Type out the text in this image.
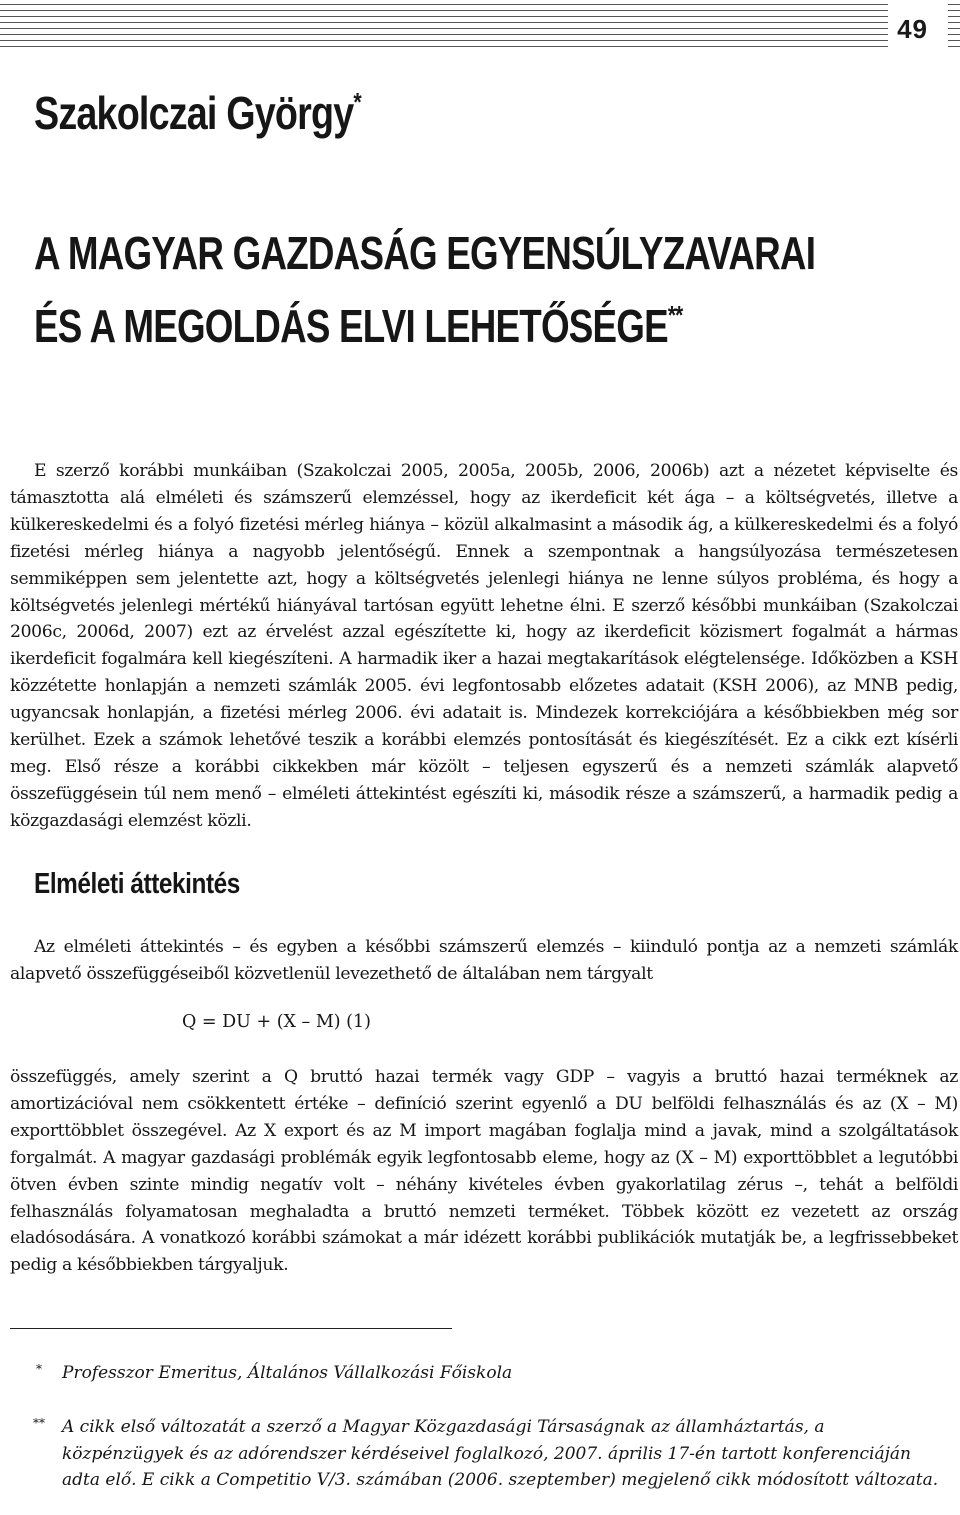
49
Szakolczai György*
A MAGYAR GAZDASÁG EGYENSÚLYZAVARAI
ÉS A MEGOLDÁS ELVI LEHETŐSÉGE**

E szerző korábbi munkáiban (Szakolczai 2005, 2005a, 2005b, 2006, 2006b) azt a nézetet képviselte és támasztotta alá elméleti és számszerű elemzéssel, hogy az ikerdeficit két ága – a költségvetés, illetve a külkereskedelmi és a folyó fizetési mérleg hiánya – közül alkalmasint a második ág, a külkereskedelmi és a folyó fizetési mérleg hiánya a nagyobb jelentőségű. Ennek a szempontnak a hangsúlyozása természetesen semmiképpen sem jelentette azt, hogy a költségvetés jelenlegi hiánya ne lenne súlyos probléma, és hogy a költségvetés jelenlegi mértékű hiányával tartósan együtt lehetne élni. E szerző későbbi munkáiban (Szakolczai 2006c, 2006d, 2007) ezt az érvelést azzal egészítette ki, hogy az ikerdeficit közismert fogalmát a hármas ikerdeficit fogalmára kell kiegészíteni. A harmadik iker a hazai megtakarítások elégtelensége. Időközben a KSH közzétette honlapján a nemzeti számlák 2005. évi legfontosabb előzetes adatait (KSH 2006), az MNB pedig, ugyancsak honlapján, a fizetési mérleg 2006. évi adatait is. Mindezek korrekciójára a későbbiekben még sor kerülhet. Ezek a számok lehetővé teszik a korábbi elemzés pontosítását és kiegészítését. Ez a cikk ezt kísérli meg. Első része a korábbi cikkekben már közölt – teljesen egyszerű és a nemzeti számlák alapvető összefüggésein túl nem menő – elméleti áttekintést egészíti ki, második része a számszerű, a harmadik pedig a közgazdasági elemzést közli.

Elméleti áttekintés

Az elméleti áttekintés – és egyben a későbbi számszerű elemzés – kiinduló pontja az a nemzeti számlák alapvető összefüggéseiből közvetlenül levezethető de általában nem tárgyalt

Q = DU + (X – M) (1)

összefüggés, amely szerint a Q bruttó hazai termék vagy GDP – vagyis a bruttó hazai terméknek az amortizációval nem csökkentett értéke – definíció szerint egyenlő a DU belföldi felhasználás és az (X – M) exporttöbblet összegével. Az X export és az M import magában foglalja mind a javak, mind a szolgáltatások forgalmát. A magyar gazdasági problémák egyik legfontosabb eleme, hogy az (X – M) exporttöbblet a legutóbbi ötven évben szinte mindig negatív volt – néhány kivételes évben gyakorlatilag zérus –, tehát a belföldi felhasználás folyamatosan meghaladta a bruttó nemzeti terméket. Többek között ez vezetett az ország eladósodására. A vonatkozó korábbi számokat a már idézett korábbi publikációk mutatják be, a legfrissebbeket pedig a későbbiekben tárgyaljuk.

* Professzor Emeritus, Általános Vállalkozási Főiskola
** A cikk első változatát a szerző a Magyar Közgazdasági Társaságnak az államháztartás, a közpénzügyek és az adórendszer kérdéseivel foglalkozó, 2007. április 17-én tartott konferenciáján adta elő. E cikk a Competitio V/3. számában (2006. szeptember) megjelenő cikk módosított változata.
